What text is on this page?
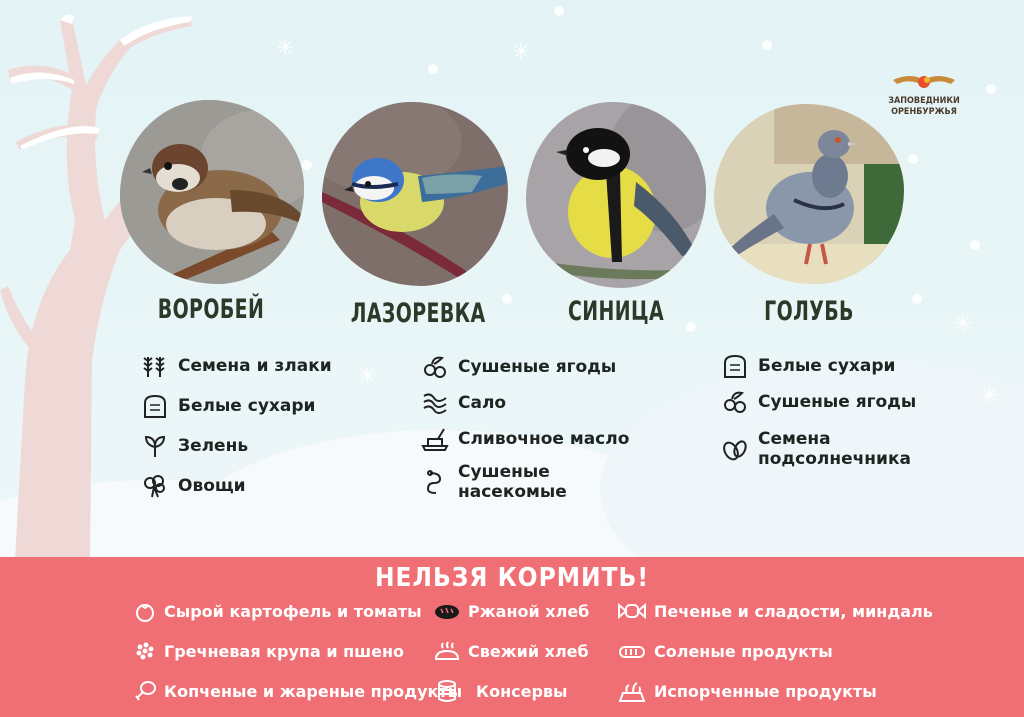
✳	✳
✳
✳
✳
ЗАПОВЕДНИКИ
ОРЕНБУРЖЬЯ
ВОРОБЕЙ	ЛАЗОРЕВКА	СИНИЦА	ГОЛУБЬ
Семена и злаки
Белые сухари
Зелень
Овощи
Сушеные ягоды
Сало
Сливочное масло
Сушеные насекомые
Белые сухари
Сушеные ягоды
Семена подсолнечника
НЕЛЬЗЯ КОРМИТЬ!
Сырой картофель и томаты
Гречневая крупа и пшено
Копченые и жареные продукты
Ржаной хлеб
Свежий хлеб
Консервы
Печенье и сладости, миндаль
Соленые продукты
Испорченные продукты
